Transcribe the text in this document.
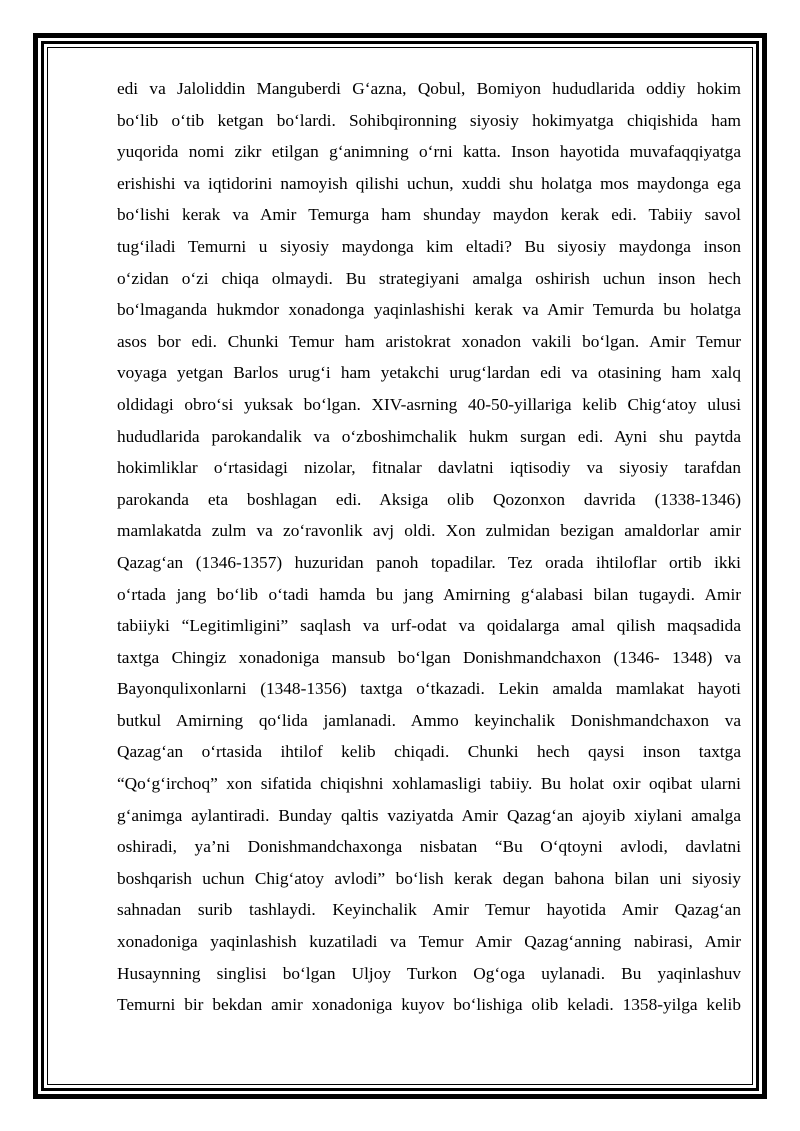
edi va Jaloliddin Manguberdi G‘azna, Qobul, Bomiyon hududlarida oddiy hokim
bo‘lib o‘tib ketgan bo‘lardi. Sohibqironning siyosiy hokimyatga chiqishida ham
yuqorida nomi zikr etilgan g‘animning o‘rni katta. Inson hayotida muvafaqqiyatga
erishishi va iqtidorini namoyish qilishi uchun, xuddi shu holatga mos maydonga ega
bo‘lishi kerak va Amir Temurga ham shunday maydon kerak edi. Tabiiy savol
tug‘iladi Temurni u siyosiy maydonga kim eltadi? Bu siyosiy maydonga inson
o‘zidan o‘zi chiqa olmaydi. Bu strategiyani amalga oshirish uchun inson hech
bo‘lmaganda hukmdor xonadonga yaqinlashishi kerak va Amir Temurda bu holatga
asos bor edi. Chunki Temur ham aristokrat xonadon vakili bo‘lgan. Amir Temur
voyaga yetgan Barlos urug‘i ham yetakchi urug‘lardan edi va otasining ham xalq
oldidagi obro‘si yuksak bo‘lgan. XIV-asrning 40-50-yillariga kelib Chig‘atoy ulusi
hududlarida parokandalik va o‘zboshimchalik hukm surgan edi. Ayni shu paytda
hokimliklar o‘rtasidagi nizolar, fitnalar davlatni iqtisodiy va siyosiy tarafdan
parokanda eta boshlagan edi. Aksiga olib Qozonxon davrida (1338-1346)
mamlakatda zulm va zo‘ravonlik avj oldi. Xon zulmidan bezigan amaldorlar amir
Qazag‘an (1346-1357) huzuridan panoh topadilar. Tez orada ihtiloflar ortib ikki
o‘rtada jang bo‘lib o‘tadi hamda bu jang Amirning g‘alabasi bilan tugaydi. Amir
tabiiyki “Legitimligini” saqlash va urf-odat va qoidalarga amal qilish maqsadida
taxtga Chingiz xonadoniga mansub bo‘lgan Donishmandchaxon (1346- 1348) va
Bayonqulixonlarni (1348-1356) taxtga o‘tkazadi. Lekin amalda mamlakat hayoti
butkul Amirning qo‘lida jamlanadi. Ammo keyinchalik Donishmandchaxon va
Qazag‘an o‘rtasida ihtilof kelib chiqadi. Chunki hech qaysi inson taxtga
“Qo‘g‘irchoq” xon sifatida chiqishni xohlamasligi tabiiy. Bu holat oxir oqibat ularni
g‘animga aylantiradi. Bunday qaltis vaziyatda Amir Qazag‘an ajoyib xiylani amalga
oshiradi, ya’ni Donishmandchaxonga nisbatan “Bu O‘qtoyni avlodi, davlatni
boshqarish uchun Chig‘atoy avlodi” bo‘lish kerak degan bahona bilan uni siyosiy
sahnadan surib tashlaydi. Keyinchalik Amir Temur hayotida Amir Qazag‘an
xonadoniga yaqinlashish kuzatiladi va Temur Amir Qazag‘anning nabirasi, Amir
Husaynning singlisi bo‘lgan Uljoy Turkon Og‘oga uylanadi. Bu yaqinlashuv
Temurni bir bekdan amir xonadoniga kuyov bo‘lishiga olib keladi. 1358-yilga kelib
